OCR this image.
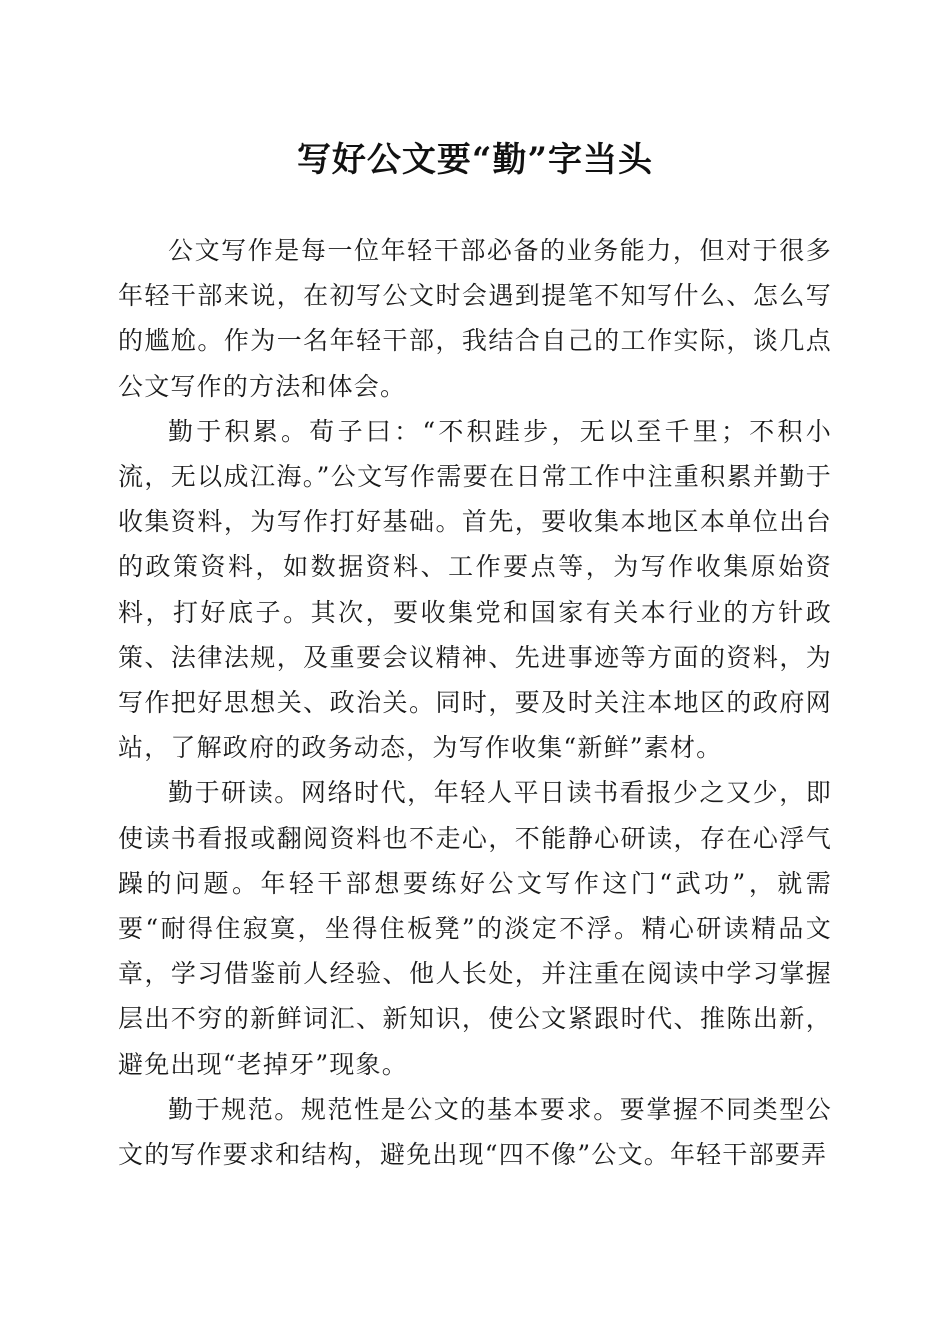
写好公文要“勤”字当头

公文写作是每一位年轻干部必备的业务能力，但对于很多年轻干部来说，在初写公文时会遇到提笔不知写什么、怎么写的尴尬。作为一名年轻干部，我结合自己的工作实际，谈几点公文写作的方法和体会。

勤于积累。荀子曰：“不积跬步，无以至千里；不积小流，无以成江海。”公文写作需要在日常工作中注重积累并勤于收集资料，为写作打好基础。首先，要收集本地区本单位出台的政策资料，如数据资料、工作要点等，为写作收集原始资料，打好底子。其次，要收集党和国家有关本行业的方针政策、法律法规，及重要会议精神、先进事迹等方面的资料，为写作把好思想关、政治关。同时，要及时关注本地区的政府网站，了解政府的政务动态，为写作收集“新鲜”素材。

勤于研读。网络时代，年轻人平日读书看报少之又少，即使读书看报或翻阅资料也不走心，不能静心研读，存在心浮气躁的问题。年轻干部想要练好公文写作这门“武功”，就需要“耐得住寂寞，坐得住板凳”的淡定不浮。精心研读精品文章，学习借鉴前人经验、他人长处，并注重在阅读中学习掌握层出不穷的新鲜词汇、新知识，使公文紧跟时代、推陈出新，避免出现“老掉牙”现象。

勤于规范。规范性是公文的基本要求。要掌握不同类型公文的写作要求和结构，避免出现“四不像”公文。年轻干部要弄
